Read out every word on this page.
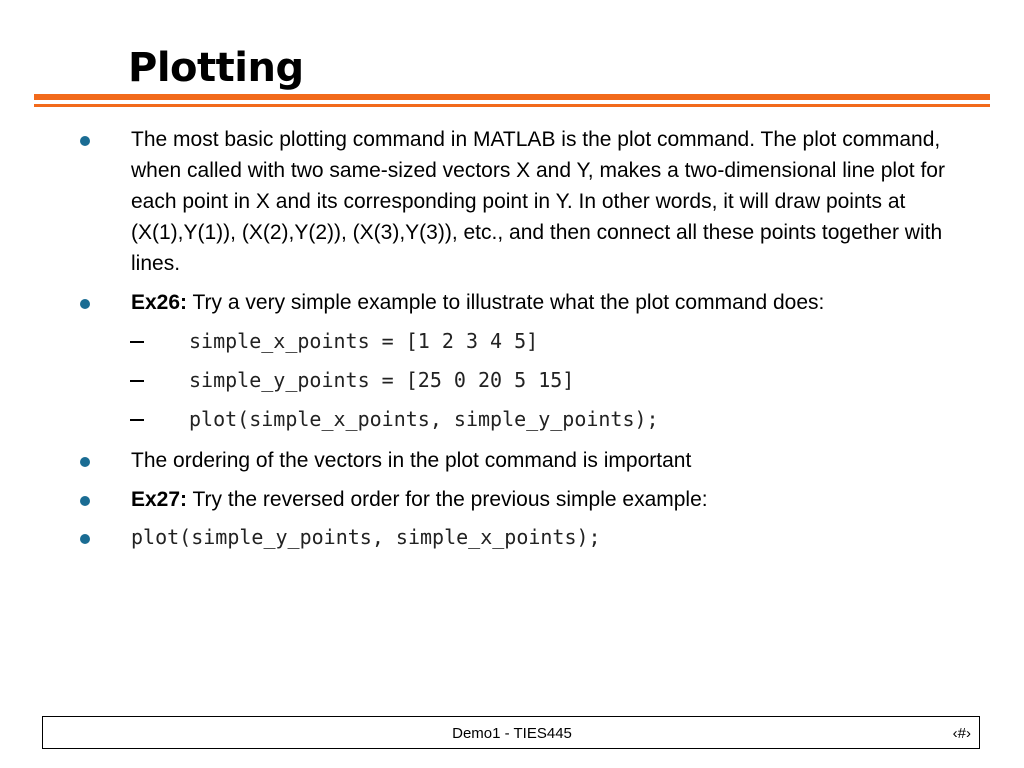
Plotting
The most basic plotting command in MATLAB is the plot command. The plot command, when called with two same-sized vectors X and Y, makes a two-dimensional line plot for each point in X and its corresponding point in Y. In other words, it will draw points at (X(1),Y(1)), (X(2),Y(2)), (X(3),Y(3)), etc., and then connect all these points together with lines.
Ex26: Try a very simple example to illustrate what the plot command does:
simple_x_points = [1 2 3 4 5]
simple_y_points = [25 0 20 5 15]
plot(simple_x_points, simple_y_points);
The ordering of the vectors in the plot command is important
Ex27: Try the reversed order for the previous simple example:
plot(simple_y_points, simple_x_points);
Demo1 - TIES445	‹#›
